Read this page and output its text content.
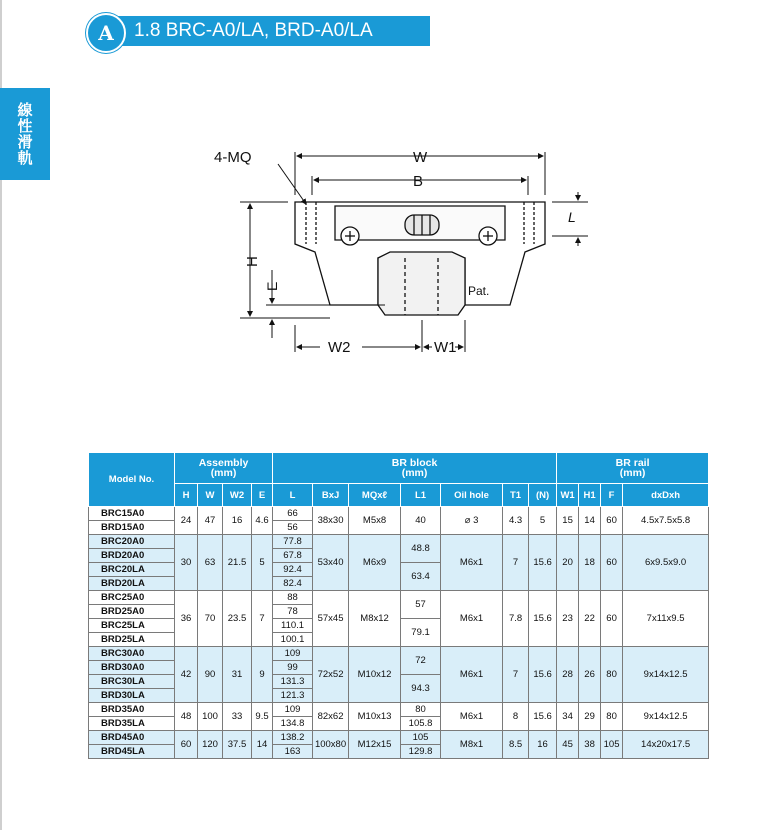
線性滑軌
A 1.8 BRC-A0/LA, BRD-A0/LA
4-MQ	W
B
H
E
W2	W1
L
Pat.
Model No.	Assembly
(mm)				BR block
(mm)							BR rail
(mm)			
	H	W	W2	E	L	BxJ	MQxℓ	L1	Oil hole	T1	(N)	W1	H1	F	dxDxh
BRC15A0	24	47	16	4.6	66	38x30	M5x8	40	⌀ 3	4.3	5	15	14	60	4.5x7.5x5.8
BRD15A0					56										
BRC20A0	30	63	21.5	5	77.8	53x40	M6x9	48.8	M6x1	7	15.6	20	18	60	6x9.5x9.0
BRD20A0					67.8										
BRC20LA					92.4			63.4							
BRD20LA					82.4										
BRC25A0	36	70	23.5	7	88	57x45	M8x12	57	M6x1	7.8	15.6	23	22	60	7x11x9.5
BRD25A0					78										
BRC25LA					110.1			79.1							
BRD25LA					100.1										
BRC30A0	42	90	31	9	109	72x52	M10x12	72	M6x1	7	15.6	28	26	80	9x14x12.5
BRD30A0					99										
BRC30LA					131.3			94.3							
BRD30LA					121.3										
BRD35A0	48	100	33	9.5	109	82x62	M10x13	80	M6x1	8	15.6	34	29	80	9x14x12.5
BRD35LA					134.8			105.8							
BRD45A0	60	120	37.5	14	138.2	100x80	M12x15	105	M8x1	8.5	16	45	38	105	14x20x17.5
BRD45LA					163			129.8							
